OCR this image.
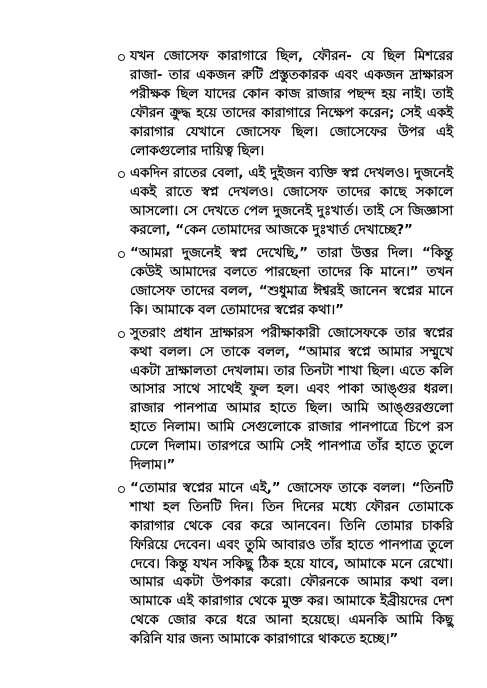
যখন জোসেফ কারাগারে ছিল, ফৌরন- যে ছিল মিশরের রাজা- তার একজন রুটি প্রস্তুতকারক এবং একজন দ্রাক্ষারস পরীক্ষক ছিল যাদের কোন কাজ রাজার পছন্দ হয় নাই। তাই ফৌরন ক্রুদ্ধ হয়ে তাদের কারাগারে নিক্ষেপ করেন; সেই একই কারাগার যেখানে জোসেফ ছিল। জোসেফের উপর এই লোকগুলোর দায়িত্ব ছিল।
একদিন রাতের বেলা, এই দুইজন ব্যক্তি স্বপ্ন দেখলও। দুজনেই একই রাতে স্বপ্ন দেখলও। জোসেফ তাদের কাছে সকালে আসলো। সে দেখতে পেল দুজনেই দুঃখার্ত। তাই সে জিজ্ঞাসা করলো, “কেন তোমাদের আজকে দুঃখার্ত দেখাচ্ছে?”
“আমরা দুজনেই স্বপ্ন দেখেছি,” তারা উত্তর দিল। “কিন্তু কেউই আমাদের বলতে পারছেনা তাদের কি মানে।” তখন জোসেফ তাদের বলল, “শুধুমাত্র ঈশ্বরই জানেন স্বপ্নের মানে কি। আমাকে বল তোমাদের স্বপ্নের কথা।”
সুতরাং প্রধান দ্রাক্ষারস পরীক্ষাকারী জোসেফকে তার স্বপ্নের কথা বলল। সে তাকে বলল, “আমার স্বপ্নে আমার সম্মুখে একটা দ্রাক্ষালতা দেখলাম। তার তিনটা শাখা ছিল। এতে কলি আসার সাথে সাথেই ফুল হল। এবং পাকা আঙ্গুর ধরল। রাজার পানপাত্র আমার হাতে ছিল। আমি আঙ্গুরগুলো হাতে নিলাম। আমি সেগুলোকে রাজার পানপাত্রে চিপে রস ঢেলে দিলাম। তারপরে আমি সেই পানপাত্র তাঁর হাতে তুলে দিলাম।”
“তোমার স্বপ্নের মানে এই,” জোসেফ তাকে বলল। “তিনটি শাখা হল তিনটি দিন। তিন দিনের মধ্যে ফৌরন তোমাকে কারাগার থেকে বের করে আনবেন। তিনি তোমার চাকরি ফিরিয়ে দেবেন। এবং তুমি আবারও তাঁর হাতে পানপাত্র তুলে দেবে। কিন্তু যখন সকিছু ঠিক হয়ে যাবে, আমাকে মনে রেখো। আমার একটা উপকার করো। ফৌরনকে আমার কথা বল। আমাকে এই কারাগার থেকে মুক্ত কর। আমাকে ইব্রীয়দের দেশ থেকে জোর করে ধরে আনা হয়েছে। এমনকি আমি কিছু করিনি যার জন্য আমাকে কারাগারে থাকতে হচ্ছে।”
